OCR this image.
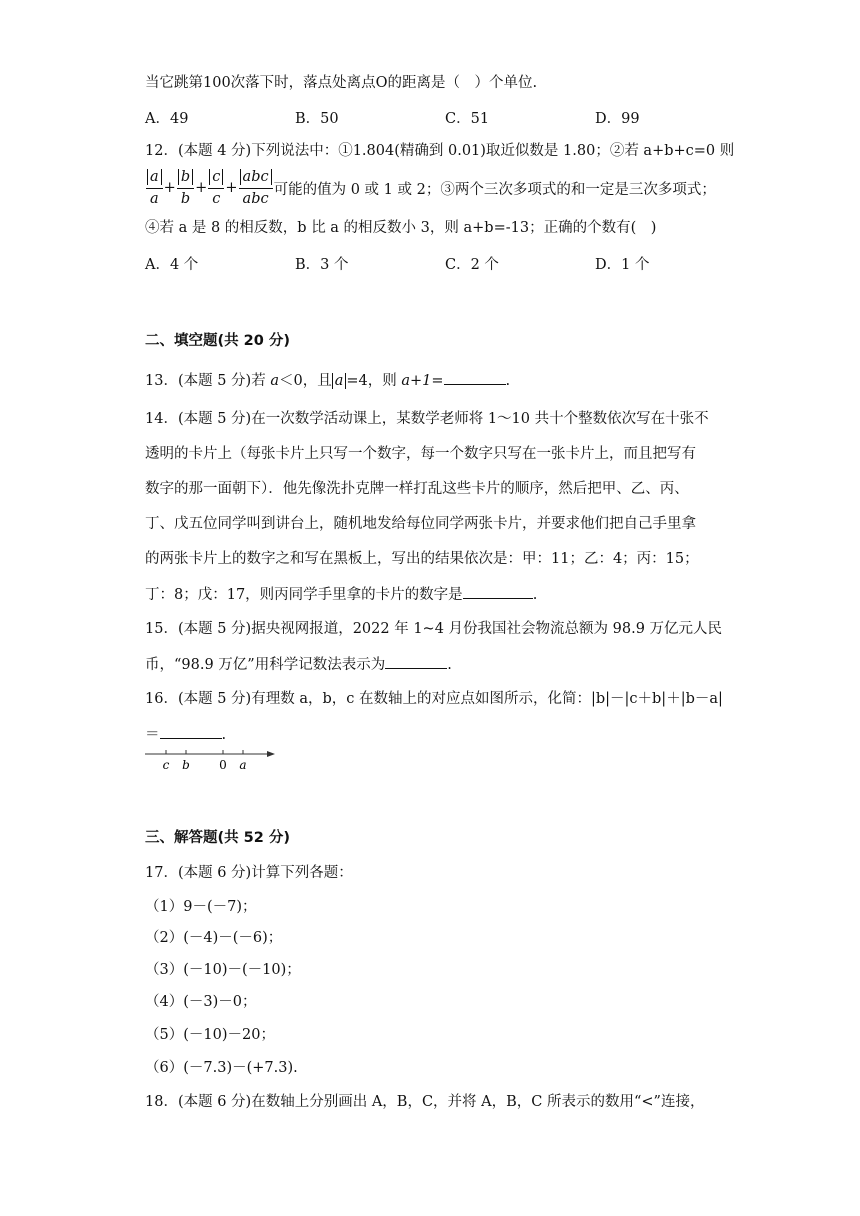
当它跳第100次落下时，落点处离点O的距离是（　）个单位.
A．49	B．50	C．51	D．99
12．(本题 4 分)下列说法中：①1.804(精确到 0.01)取近似数是 1.80；②若 a+b+c=0 则
$\frac{a}{a} + \frac{b}{b} + \frac{c}{c} + \frac{\text{abc}}{\text{abc}}$ 可能的值为 0 或 1 或 2；③两个三次多项式的和一定是三次多项式；
④若 a 是 8 的相反数，b 比 a 的相反数小 3，则 a+b=-13；正确的个数有(　)
A．4 个	B．3 个	C．2 个	D．1 个
二、填空题(共 20 分)
13．(本题 5 分)若 a＜0，且 a =4，则 a+1=	.
14．(本题 5 分)在一次数学活动课上，某数学老师将 1～10 共十个整数依次写在十张不
透明的卡片上（每张卡片上只写一个数字，每一个数字只写在一张卡片上，而且把写有
数字的那一面朝下）．他先像洗扑克牌一样打乱这些卡片的顺序，然后把甲、乙、丙、
丁、戊五位同学叫到讲台上，随机地发给每位同学两张卡片，并要求他们把自己手里拿
的两张卡片上的数字之和写在黑板上，写出的结果依次是：甲：11；乙：4；丙：15；
丁：8；戊：17，则丙同学手里拿的卡片的数字是	.
15．(本题 5 分)据央视网报道，2022 年 1~4 月份我国社会物流总额为 98.9 万亿元人民
币，“98.9 万亿”用科学记数法表示为	.
16．(本题 5 分)有理数 a，b，c 在数轴上的对应点如图所示，化简：|b|－|c＋b|＋|b－a|
＝	.
c b 0 a
三、解答题(共 52 分)
17．(本题 6 分)计算下列各题：
（1）9－(－7)；
（2）(－4)－(－6)；
（3）(－10)－(－10)；
（4）(－3)－0；
（5）(－10)－20；
（6）(－7.3)－(+7.3).
18．(本题 6 分)在数轴上分别画出 A，B，C，并将 A，B，C 所表示的数用“<”连接，
